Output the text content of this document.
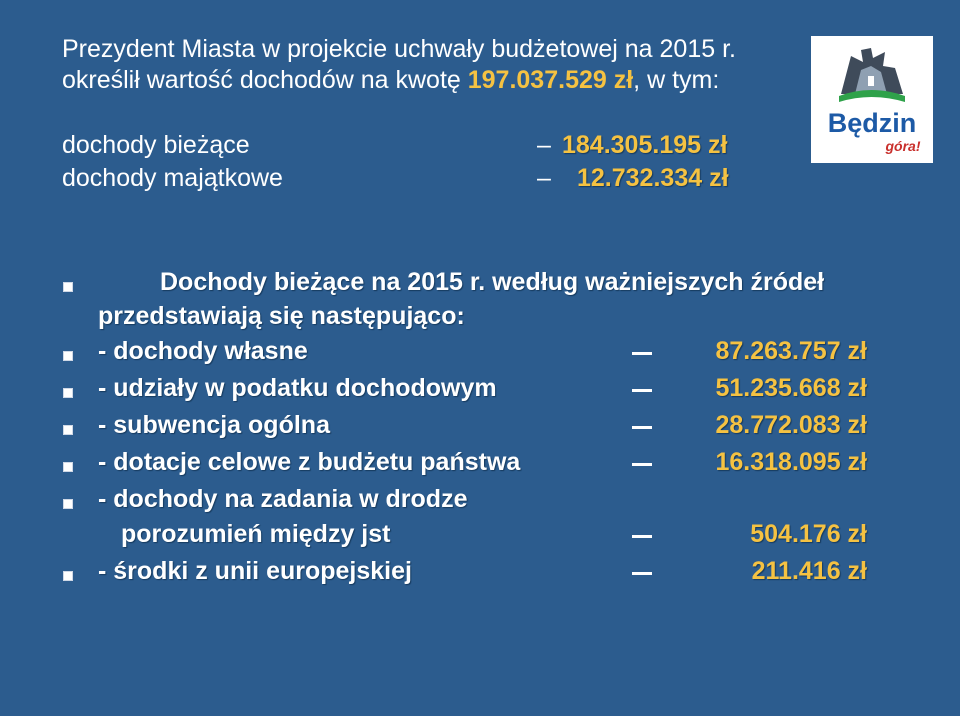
Prezydent Miasta w projekcie uchwały budżetowej na 2015 r.
określił wartość dochodów na kwotę 197.037.529 zł, w tym:
dochody bieżące	– 184.305.195 zł
dochody majątkowe	– 12.732.334 zł
Będzin
góra!
Dochody bieżące na 2015 r. według ważniejszych źródeł
przedstawiają się następująco:
- dochody własne	87.263.757 zł
- udziały w podatku dochodowym	51.235.668 zł
- subwencja ogólna	28.772.083 zł
- dotacje celowe z budżetu państwa	16.318.095 zł
- dochody na zadania w drodze
porozumień między jst	504.176 zł
- środki z unii europejskiej	211.416 zł
